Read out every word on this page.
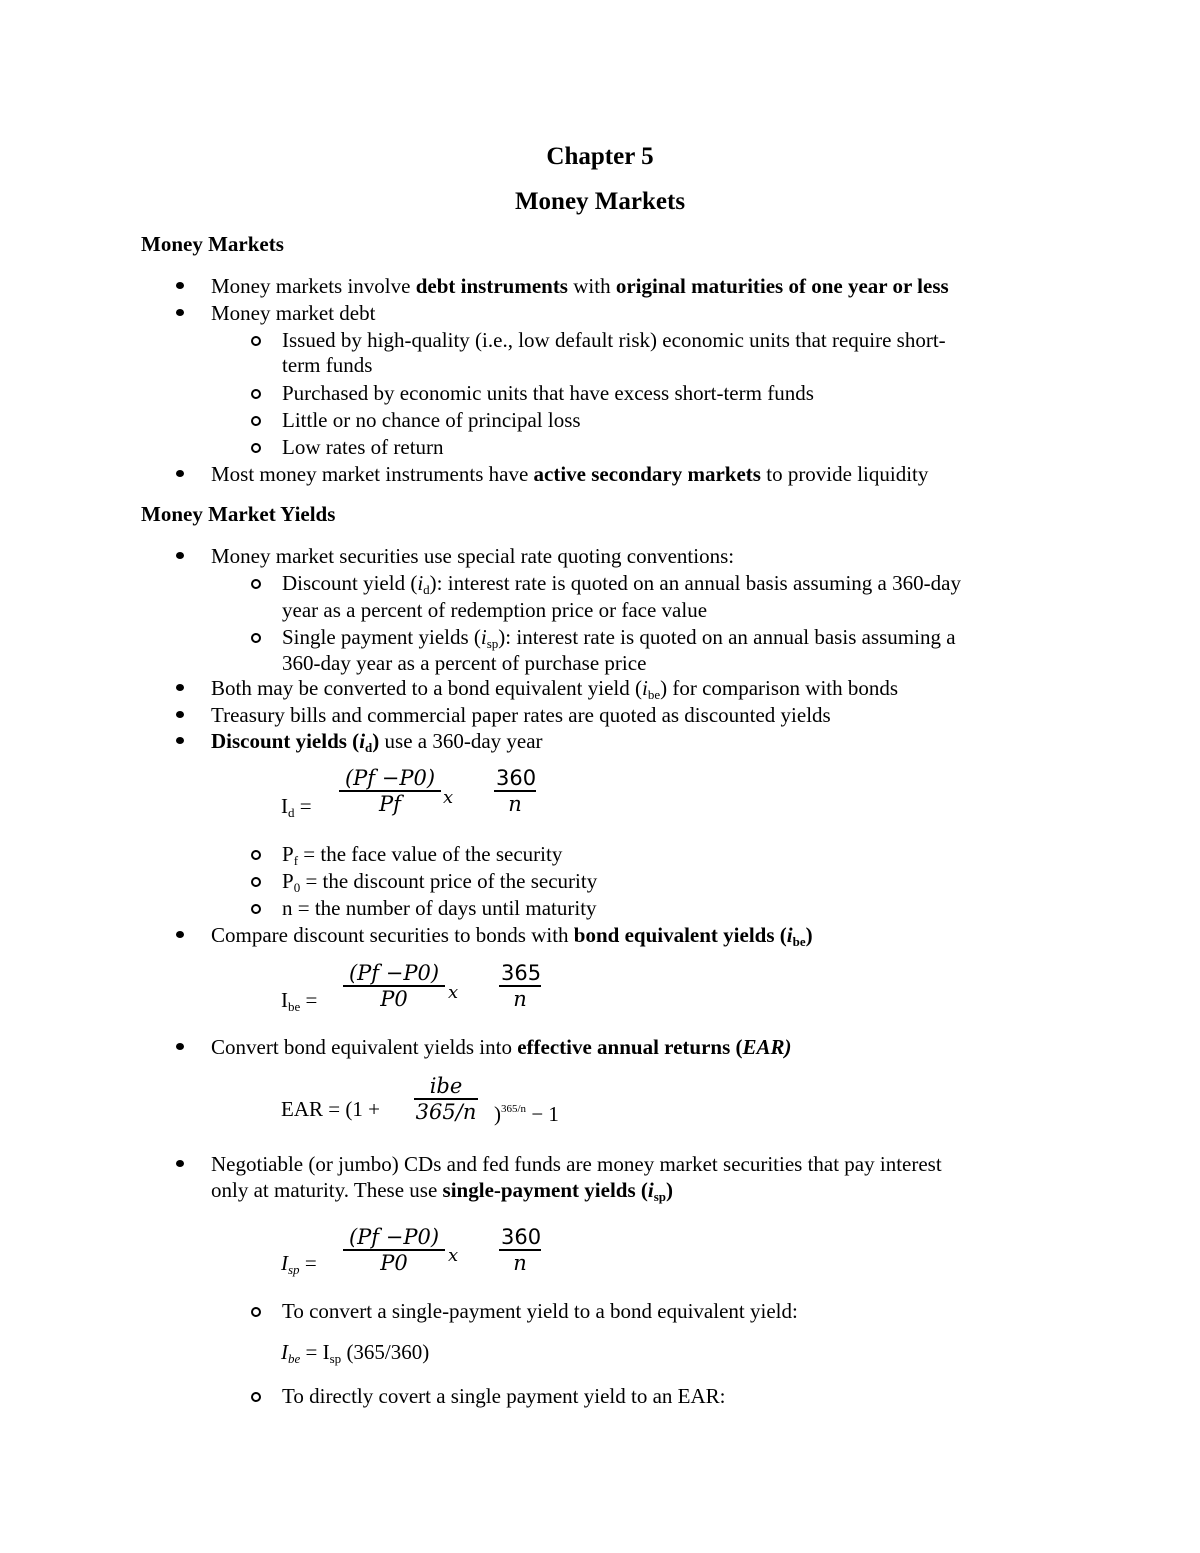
Chapter 5
Money Markets
Money Markets
Money markets involve debt instruments with original maturities of one year or less
Money market debt
Issued by high-quality (i.e., low default risk) economic units that require short-
term funds
Purchased by economic units that have excess short-term funds
Little or no chance of principal loss
Low rates of return
Most money market instruments have active secondary markets to provide liquidity
Money Market Yields
Money market securities use special rate quoting conventions:
Discount yield $(i_d)$: interest rate is quoted on an annual basis assuming a 360-day
year as a percent of redemption price or face value
Single payment yields $(i_{sp})$: interest rate is quoted on an annual basis assuming a
360-day year as a percent of purchase price
Both may be converted to a bond equivalent yield $(i_{be})$ for comparison with bonds
Treasury bills and commercial paper rates are quoted as discounted yields
Discount yields $(i_d)$ use a 360-day year
$I_d$ =
(Pf −P0)
Pf	x
360
n
$P_f$ = the face value of the security
$P_0$ = the discount price of the security
n = the number of days until maturity
Compare discount securities to bonds with bond equivalent yields $(i_{be})$
$I_{be}$ =
(Pf −P0)
P0	x
365
n
Convert bond equivalent yields into effective annual returns (EAR)
EAR = (1 +
ibe
365/n )$^{365/n}$ − 1
Negotiable (or jumbo) CDs and fed funds are money market securities that pay interest
only at maturity. These use single-payment yields $(i_{sp})$
$I_{sp}$ =
(Pf −P0)
P0	x
360
n
To convert a single-payment yield to a bond equivalent yield:
$I_{be} = I_{sp}$ (365/360)
To directly covert a single payment yield to an EAR:
